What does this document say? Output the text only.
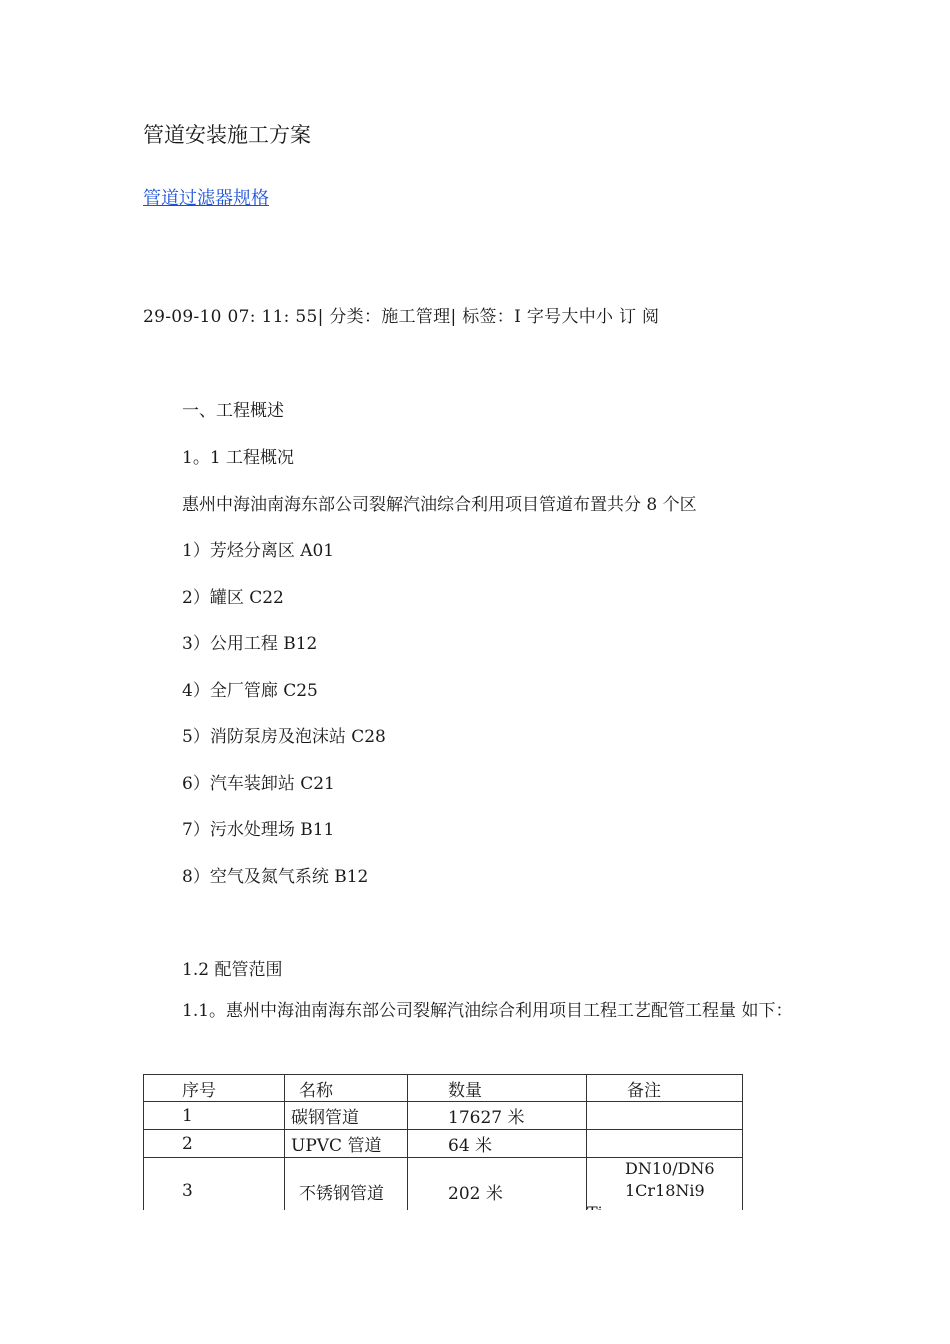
管道安装施工方案
管道过滤器规格
29-09-10 07: 11: 55| 分类：施工管理| 标签：I 字号大中小 订 阅
一、工程概述
1。1 工程概况
惠州中海油南海东部公司裂解汽油综合利用项目管道布置共分 8 个区
1）芳烃分离区 A01
2）罐区 C22
3）公用工程 B12
4）全厂管廊 C25
5）消防泵房及泡沫站 C28
6）汽车装卸站 C21
7）污水处理场 B11
8）空气及氮气系统 B12
1.2 配管范围
1.1。惠州中海油南海东部公司裂解汽油综合利用项目工程工艺配管工程量 如下：
序号	名称	数量	备注
1	碳钢管道	17627 米	
2	UPVC 管道	64 米	
3	不锈钢管道	202 米	DN10/DN6 1Cr18Ni9
